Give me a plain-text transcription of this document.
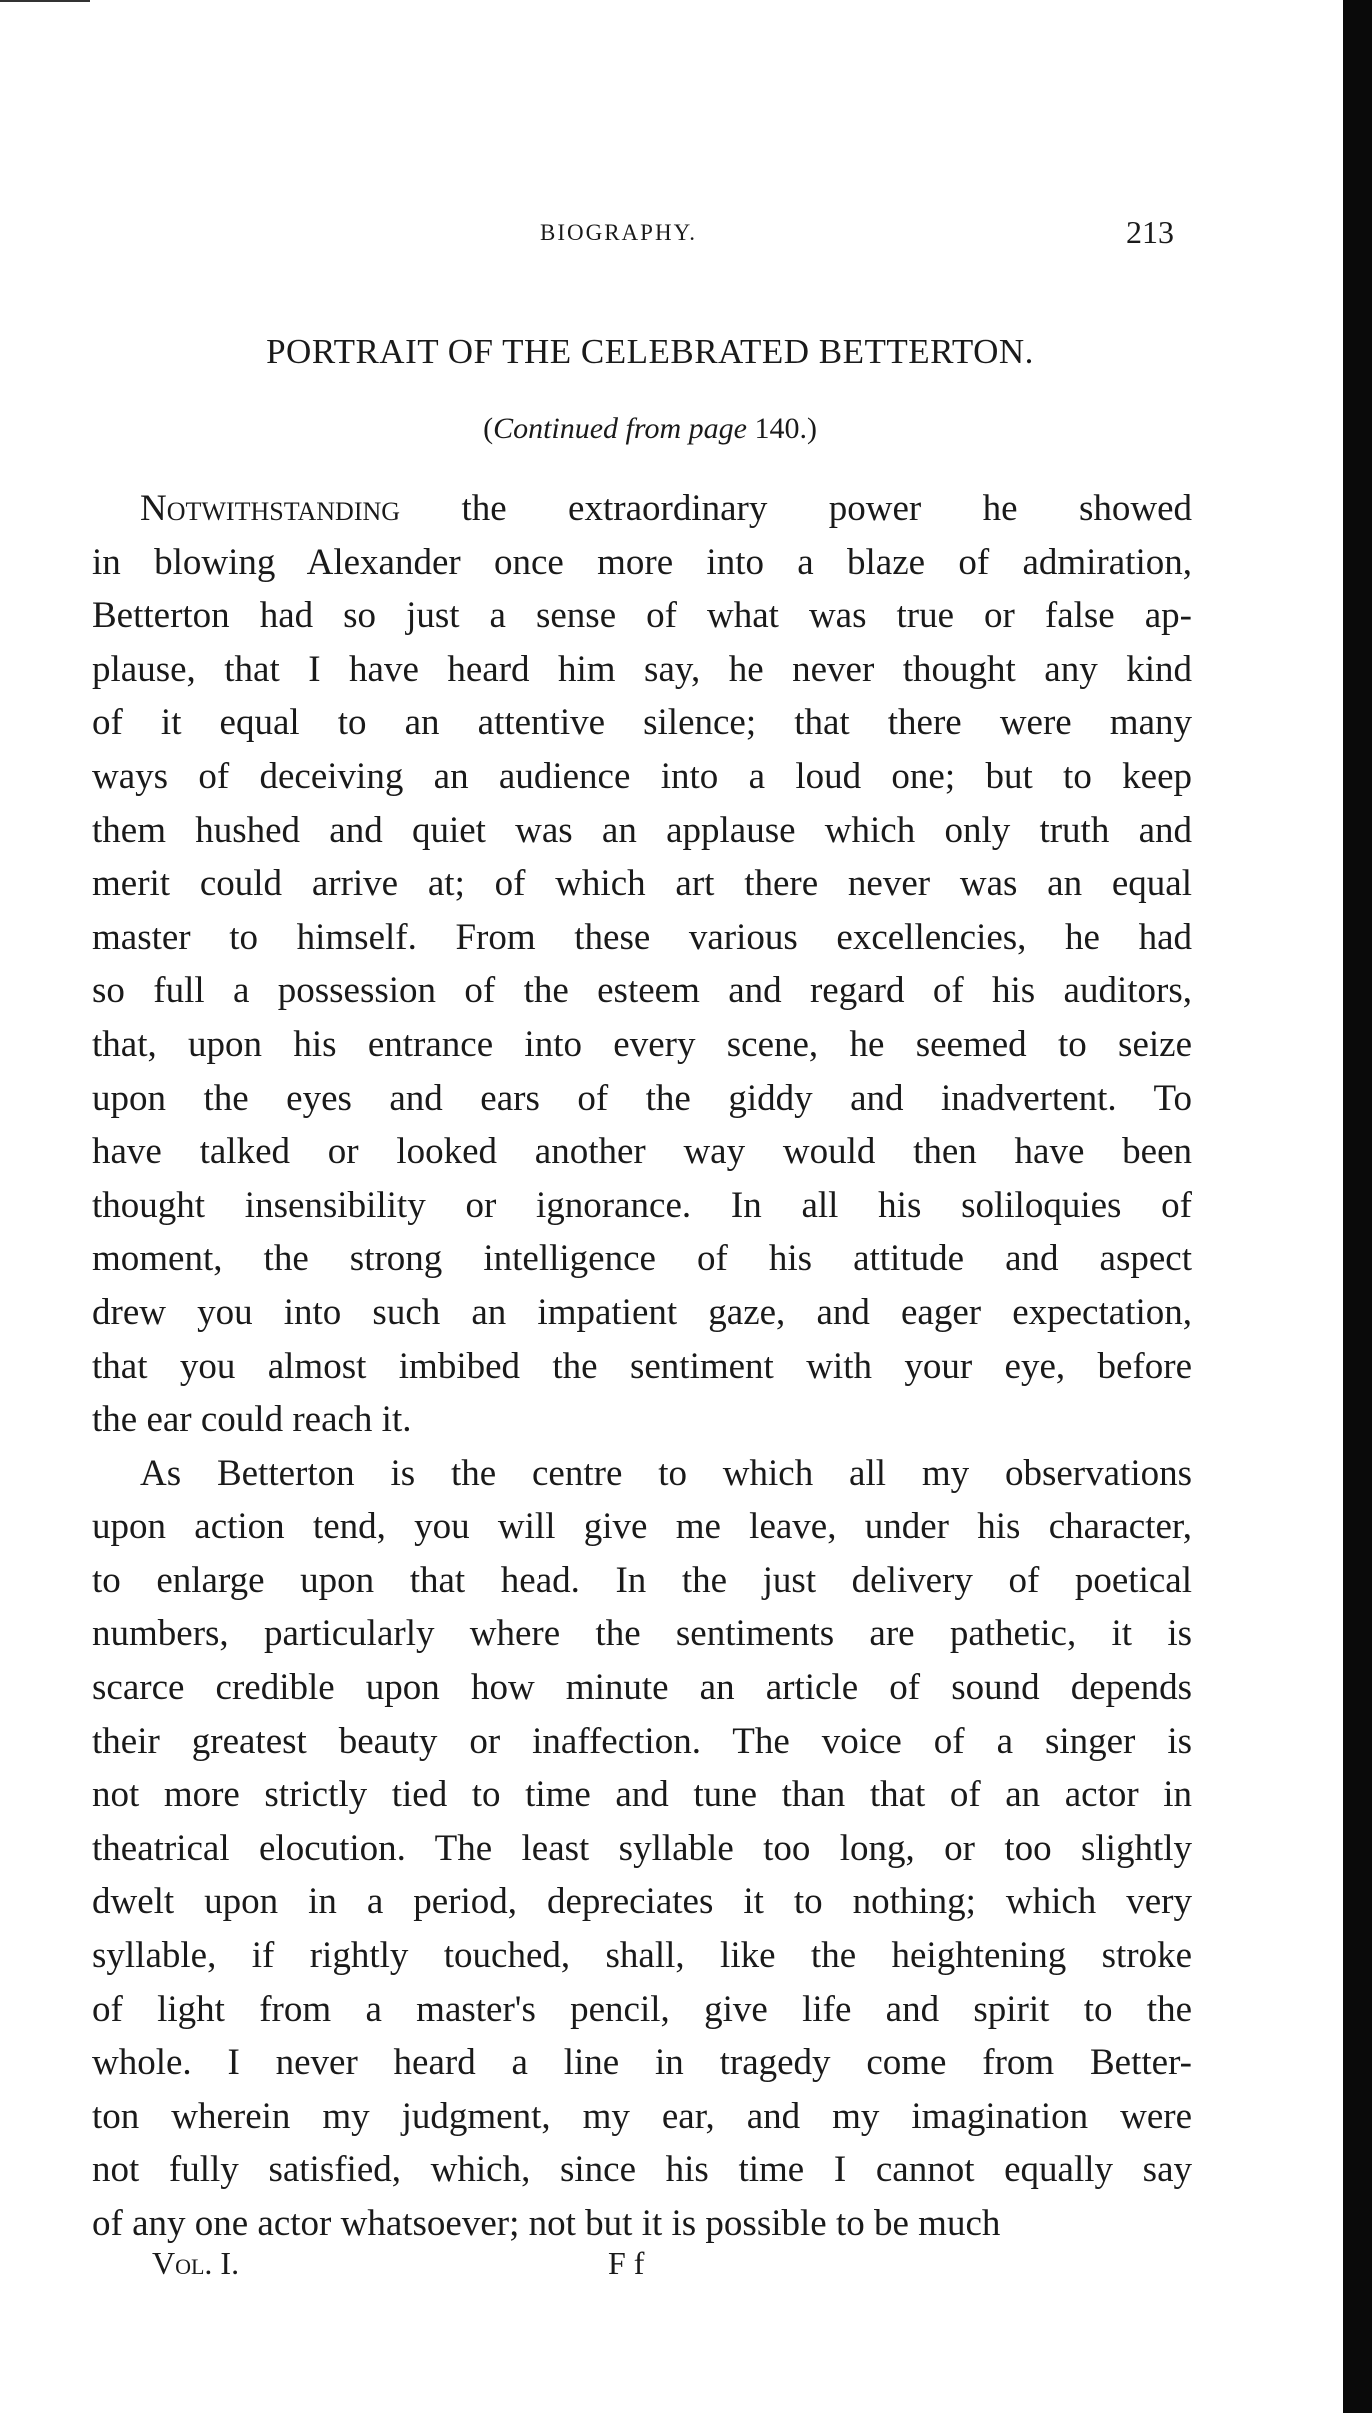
BIOGRAPHY.	213
PORTRAIT OF THE CELEBRATED BETTERTON.
(Continued from page 140.)
Notwithstanding the extraordinary power he showed
in blowing Alexander once more into a blaze of admiration,
Betterton had so just a sense of what was true or false ap-
plause, that I have heard him say, he never thought any kind
of it equal to an attentive silence; that there were many
ways of deceiving an audience into a loud one; but to keep
them hushed and quiet was an applause which only truth and
merit could arrive at; of which art there never was an equal
master to himself. From these various excellencies, he had
so full a possession of the esteem and regard of his auditors,
that, upon his entrance into every scene, he seemed to seize
upon the eyes and ears of the giddy and inadvertent. To
have talked or looked another way would then have been
thought insensibility or ignorance. In all his soliloquies of
moment, the strong intelligence of his attitude and aspect
drew you into such an impatient gaze, and eager expectation,
that you almost imbibed the sentiment with your eye, before
the ear could reach it.
As Betterton is the centre to which all my observations
upon action tend, you will give me leave, under his character,
to enlarge upon that head. In the just delivery of poetical
numbers, particularly where the sentiments are pathetic, it is
scarce credible upon how minute an article of sound depends
their greatest beauty or inaffection. The voice of a singer is
not more strictly tied to time and tune than that of an actor in
theatrical elocution. The least syllable too long, or too slightly
dwelt upon in a period, depreciates it to nothing; which very
syllable, if rightly touched, shall, like the heightening stroke
of light from a master's pencil, give life and spirit to the
whole. I never heard a line in tragedy come from Better-
ton wherein my judgment, my ear, and my imagination were
not fully satisfied, which, since his time I cannot equally say
of any one actor whatsoever; not but it is possible to be much
Vol. I.	F f
